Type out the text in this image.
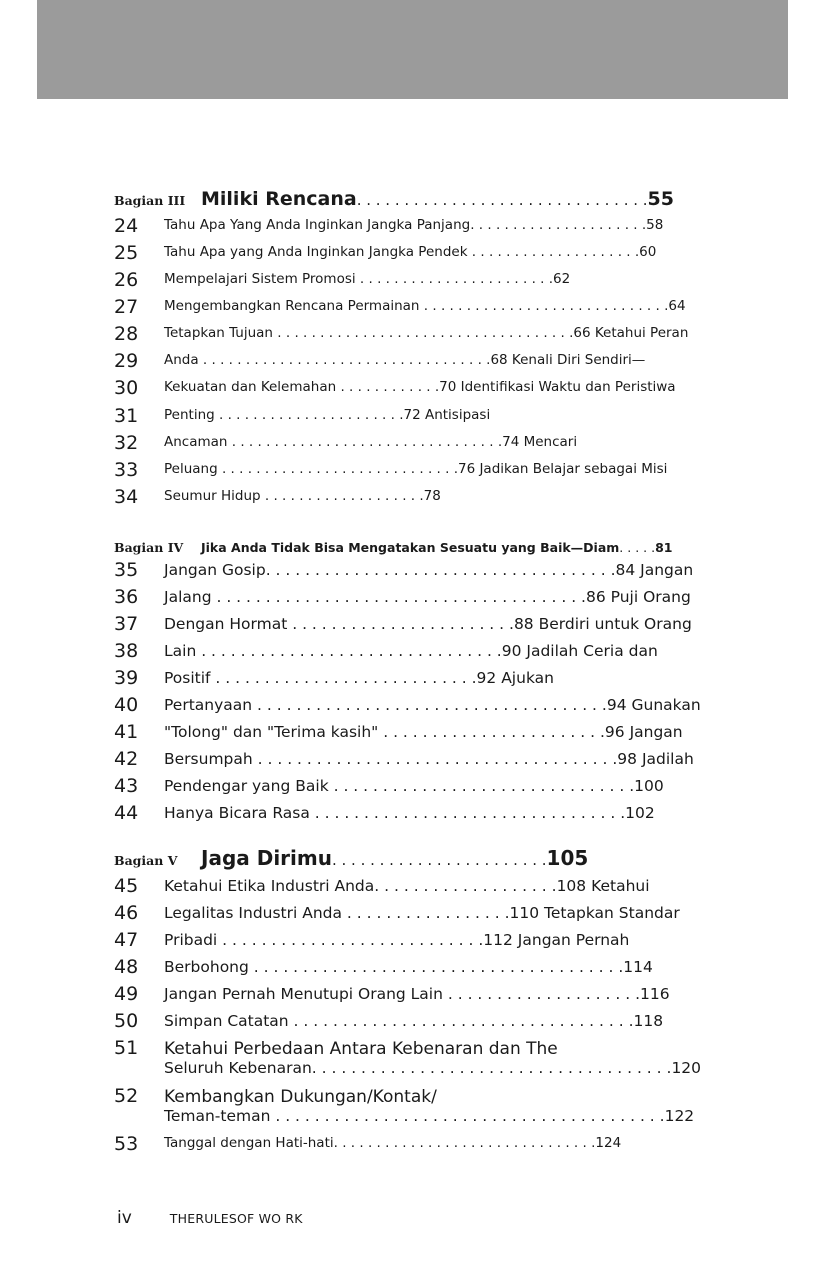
Bagian III Miliki Rencana. . . . . . . . . . . . . . . . . . . . . . . . . . . . . . .55
24 Tahu Apa Yang Anda Inginkan Jangka Panjang. . . . . . . . . . . . . . . . . . . . .58
25 Tahu Apa yang Anda Inginkan Jangka Pendek . . . . . . . . . . . . . . . . . . . .60
26 Mempelajari Sistem Promosi . . . . . . . . . . . . . . . . . . . . . . .62
27 Mengembangkan Rencana Permainan . . . . . . . . . . . . . . . . . . . . . . . . . . . . .64
28 Tetapkan Tujuan . . . . . . . . . . . . . . . . . . . . . . . . . . . . . . . . . . .66 Ketahui Peran
29 Anda . . . . . . . . . . . . . . . . . . . . . . . . . . . . . . . . . .68 Kenali Diri Sendiri—
30 Kekuatan dan Kelemahan . . . . . . . . . . . .70 Identifikasi Waktu dan Peristiwa
31 Penting . . . . . . . . . . . . . . . . . . . . . .72 Antisipasi
32 Ancaman . . . . . . . . . . . . . . . . . . . . . . . . . . . . . . . .74 Mencari
33 Peluang . . . . . . . . . . . . . . . . . . . . . . . . . . . .76 Jadikan Belajar sebagai Misi
34 Seumur Hidup . . . . . . . . . . . . . . . . . . .78
Bagian IV Jika Anda Tidak Bisa Mengatakan Sesuatu yang Baik—Diam. . . . .81
35 Jangan Gosip. . . . . . . . . . . . . . . . . . . . . . . . . . . . . . . . . . . .84 Jangan
36 Jalang . . . . . . . . . . . . . . . . . . . . . . . . . . . . . . . . . . . . . .86 Puji Orang
37 Dengan Hormat . . . . . . . . . . . . . . . . . . . . . . .88 Berdiri untuk Orang
38 Lain . . . . . . . . . . . . . . . . . . . . . . . . . . . . . . .90 Jadilah Ceria dan
39 Positif . . . . . . . . . . . . . . . . . . . . . . . . . . .92 Ajukan
40 Pertanyaan . . . . . . . . . . . . . . . . . . . . . . . . . . . . . . . . . . . .94 Gunakan
41 "Tolong" dan "Terima kasih" . . . . . . . . . . . . . . . . . . . . . . .96 Jangan
42 Bersumpah . . . . . . . . . . . . . . . . . . . . . . . . . . . . . . . . . . . . .98 Jadilah
43 Pendengar yang Baik . . . . . . . . . . . . . . . . . . . . . . . . . . . . . . .100
44 Hanya Bicara Rasa . . . . . . . . . . . . . . . . . . . . . . . . . . . . . . . .102
Bagian V Jaga Dirimu. . . . . . . . . . . . . . . . . . . . . . .105
45 Ketahui Etika Industri Anda. . . . . . . . . . . . . . . . . . .108 Ketahui
46 Legalitas Industri Anda . . . . . . . . . . . . . . . . .110 Tetapkan Standar
47 Pribadi . . . . . . . . . . . . . . . . . . . . . . . . . . .112 Jangan Pernah
48 Berbohong . . . . . . . . . . . . . . . . . . . . . . . . . . . . . . . . . . . . . .114
49 Jangan Pernah Menutupi Orang Lain . . . . . . . . . . . . . . . . . . . .116
50 Simpan Catatan . . . . . . . . . . . . . . . . . . . . . . . . . . . . . . . . . . .118
51 Ketahui Perbedaan Antara Kebenaran dan The
Seluruh Kebenaran. . . . . . . . . . . . . . . . . . . . . . . . . . . . . . . . . . . . .120
52 Kembangkan Dukungan/Kontak/
Teman-teman . . . . . . . . . . . . . . . . . . . . . . . . . . . . . . . . . . . . . . . .122
53 Tanggal dengan Hati-hati. . . . . . . . . . . . . . . . . . . . . . . . . . . . . . .124
iv	THERULESOF WO RK
